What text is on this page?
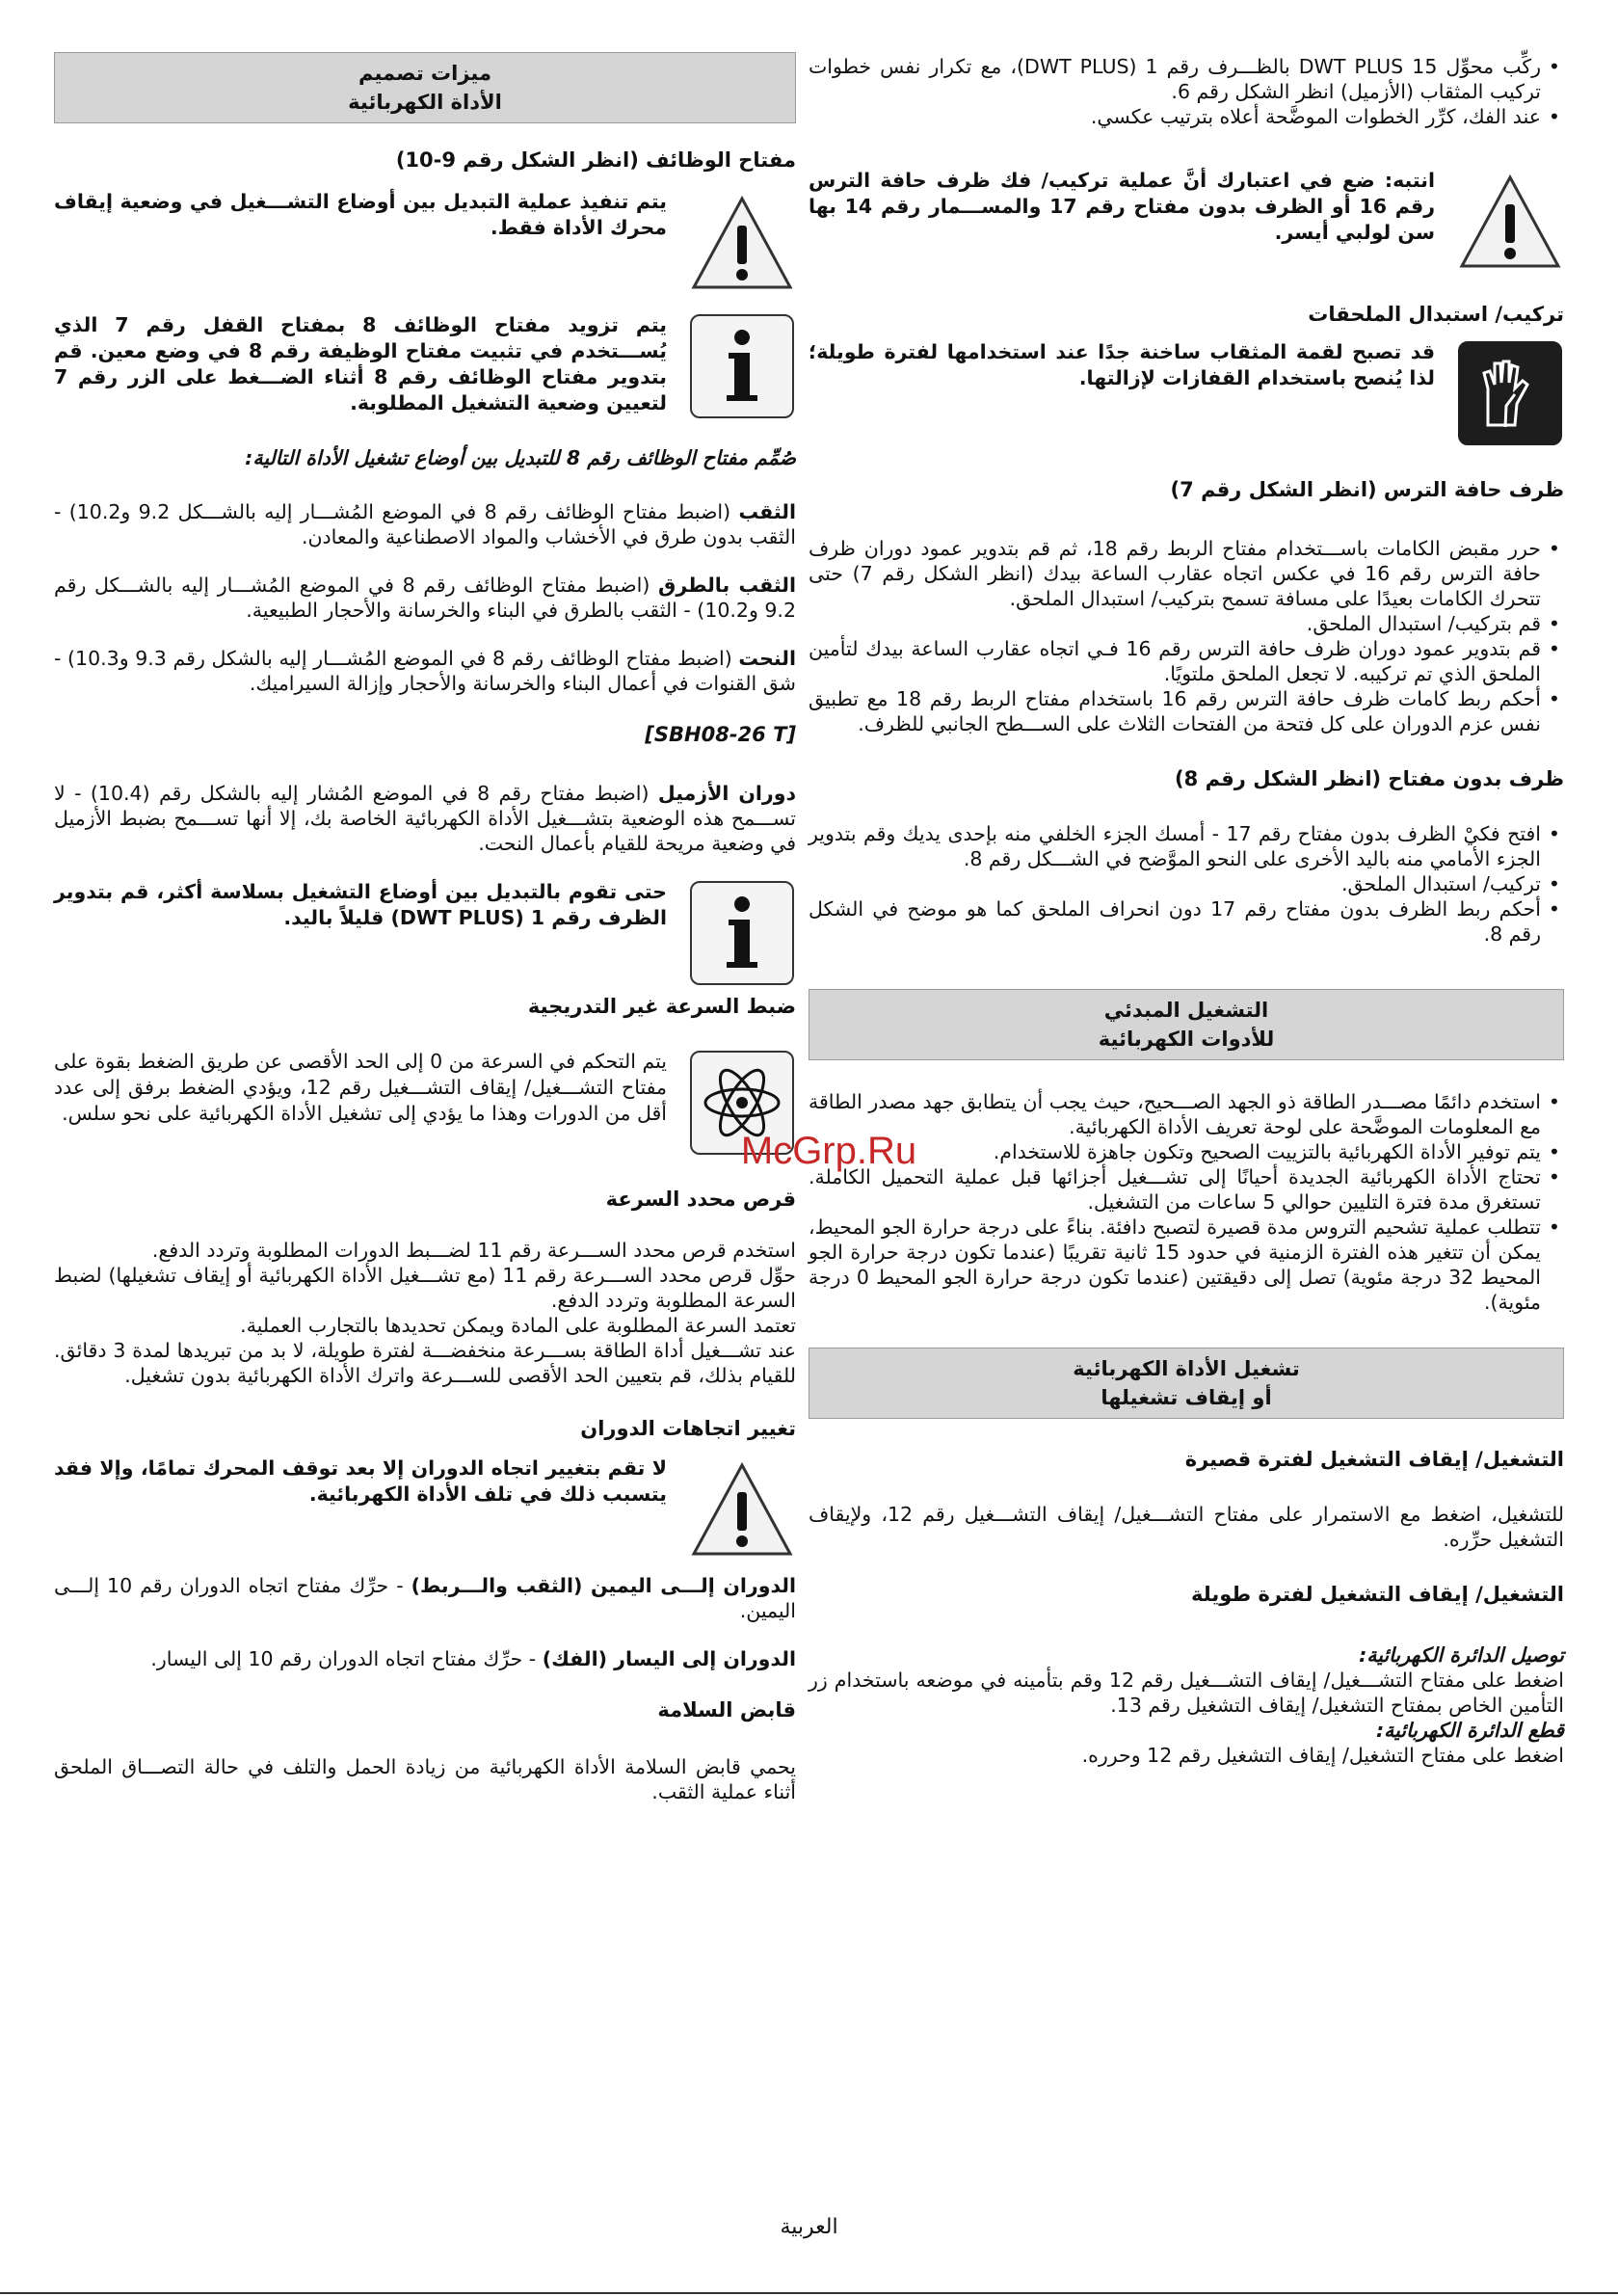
• ركِّب محوِّل DWT PLUS 15 بالظـــرف رقم 1 (DWT PLUS)، مع تكرار نفس خطوات تركيب المثقاب (الأزميل) انظر الشكل رقم 6.

• عند الفك، كرِّر الخطوات الموضَّحة أعلاه بترتيب عكسي.

انتبه: ضع في اعتبارك أنَّ عملية تركيب/ فك ظرف حافة الترس رقم 16 أو الظرف بدون مفتاح رقم 17 والمســـمار رقم 14 بها سن لولبي أيسر.

تركيب/ استبدال الملحقات

قد تصبح لقمة المثقاب ساخنة جدًا عند استخدامها لفترة طويلة؛ لذا يُنصح باستخدام القفازات لإزالتها.

ظرف حافة الترس (انظر الشكل رقم 7)

• حرر مقبض الكامات باســـتخدام مفتاح الربط رقم 18، ثم قم بتدوير عمود دوران ظرف حافة الترس رقم 16 في عكس اتجاه عقارب الساعة بيدك (انظر الشكل رقم 7) حتى تتحرك الكامات بعيدًا على مسافة تسمح بتركيب/ استبدال الملحق.

• قم بتركيب/ استبدال الملحق.

• قم بتدوير عمود دوران ظرف حافة الترس رقم 16 فـي اتجاه عقارب الساعة بيدك لتأمين الملحق الذي تم تركيبه. لا تجعل الملحق ملتويًا.

• أحكم ربط كامات ظرف حافة الترس رقم 16 باستخدام مفتاح الربط رقم 18 مع تطبيق نفس عزم الدوران على كل فتحة من الفتحات الثلاث على الســـطح الجانبي للظرف.

ظرف بدون مفتاح (انظر الشكل رقم 8)

• افتح فكيْ الظرف بدون مفتاح رقم 17 - أمسك الجزء الخلفي منه بإحدى يديك وقم بتدوير الجزء الأمامي منه باليد الأخرى على النحو الموَّضح في الشـــكل رقم 8.

• تركيب/ استبدال الملحق.

• أحكم ربط الظرف بدون مفتاح رقم 17 دون انحراف الملحق كما هو موضح في الشكل رقم 8.

التشغيل المبدئي
للأدوات الكهربائية

• استخدم دائمًا مصـــدر الطاقة ذو الجهد الصـــحيح، حيث يجب أن يتطابق جهد مصدر الطاقة مع المعلومات الموضَّحة على لوحة تعريف الأداة الكهربائية.

• يتم توفير الأداة الكهربائية بالتزييت الصحيح وتكون جاهزة للاستخدام.

• تحتاج الأداة الكهربائية الجديدة أحيانًا إلى تشـــغيل أجزائها قبل عملية التحميل الكاملة. تستغرق مدة فترة التليين حوالي 5 ساعات من التشغيل.

• تتطلب عملية تشحيم التروس مدة قصيرة لتصبح دافئة. بناءً على درجة حرارة الجو المحيط، يمكن أن تتغير هذه الفترة الزمنية في حدود 15 ثانية تقريبًا (عندما تكون درجة حرارة الجو المحيط 32 درجة مئوية) تصل إلى دقيقتين (عندما تكون درجة حرارة الجو المحيط 0 درجة مئوية).

تشغيل الأداة الكهربائية
أو إيقاف تشغيلها

التشغيل/ إيقاف التشغيل لفترة قصيرة

للتشغيل، اضغط مع الاستمرار على مفتاح التشـــغيل/ إيقاف التشـــغيل رقم 12، ولإيقاف التشغيل حرِّره.

التشغيل/ إيقاف التشغيل لفترة طويلة

توصيل الدائرة الكهربائية:

اضغط على مفتاح التشـــغيل/ إيقاف التشـــغيل رقم 12 وقم بتأمينه في موضعه باستخدام زر التأمين الخاص بمفتاح التشغيل/ إيقاف التشغيل رقم 13.

قطع الدائرة الكهربائية:

اضغط على مفتاح التشغيل/ إيقاف التشغيل رقم 12 وحرره.

ميزات تصميم
الأداة الكهربائية

مفتاح الوظائف (انظر الشكل رقم 9-10)

يتم تنفيذ عملية التبديل بين أوضاع التشـــغيل في وضعية إيقاف محرك الأداة فقط.
يتم تزويد مفتاح الوظائف 8 بمفتاح القفل رقم 7 الذي يُســـتخدم في تثبيت مفتاح الوظيفة رقم 8 في وضع معين. قم بتدوير مفتاح الوظائف رقم 8 أثناء الضـــغط على الزر رقم 7 لتعيين وضعية التشغيل المطلوبة.

صُمِّم مفتاح الوظائف رقم 8 للتبديل بين أوضاع تشغيل الأداة التالية:

الثقب (اضبط مفتاح الوظائف رقم 8 في الموضع المُشـــار إليه بالشـــكل 9.2 و10.2) - الثقب بدون طرق في الأخشاب والمواد الاصطناعية والمعادن.

الثقب بالطرق (اضبط مفتاح الوظائف رقم 8 في الموضع المُشـــار إليه بالشـــكل رقم 9.2 و10.2) - الثقب بالطرق في البناء والخرسانة والأحجار الطبيعية.

النحت (اضبط مفتاح الوظائف رقم 8 في الموضع المُشـــار إليه بالشكل رقم 9.3 و10.3) - شق القنوات في أعمال البناء والخرسانة والأحجار وإزالة السيراميك.

[SBH08-26 T]

دوران الأزميل (اضبط مفتاح رقم 8 في الموضع المُشار إليه بالشكل رقم (10.4) - لا تســـمح هذه الوضعية بتشـــغيل الأداة الكهربائية الخاصة بك، إلا أنها تســـمح بضبط الأزميل في وضعية مريحة للقيام بأعمال النحت.

حتى تقوم بالتبديل بين أوضاع التشغيل بسلاسة أكثر، قم بتدوير الظرف رقم 1 (DWT PLUS) قليلاً باليد.

ضبط السرعة غير التدريجية

يتم التحكم في السرعة من 0 إلى الحد الأقصى عن طريق الضغط بقوة على مفتاح التشـــغيل/ إيقاف التشـــغيل رقم 12، ويؤدي الضغط برفق إلى عدد أقل من الدورات وهذا ما يؤدي إلى تشغيل الأداة الكهربائية على نحو سلس.

قرص محدد السرعة

استخدم قرص محدد الســـرعة رقم 11 لضـــبط الدورات المطلوبة وتردد الدفع.

حوِّل قرص محدد الســـرعة رقم 11 (مع تشـــغيل الأداة الكهربائية أو إيقاف تشغيلها) لضبط السرعة المطلوبة وتردد الدفع.

تعتمد السرعة المطلوبة على المادة ويمكن تحديدها بالتجارب العملية.

عند تشـــغيل أداة الطاقة بســـرعة منخفضـــة لفترة طويلة، لا بد من تبريدها لمدة 3 دقائق. للقيام بذلك، قم بتعيين الحد الأقصى للســـرعة واترك الأداة الكهربائية بدون تشغيل.

تغيير اتجاهات الدوران

لا تقم بتغيير اتجاه الدوران إلا بعد توقف المحرك تمامًا، وإلا فقد يتسبب ذلك في تلف الأداة الكهربائية.

الدوران إلـــى اليمين (الثقب والـــربط) - حرِّك مفتاح اتجاه الدوران رقم 10 إلـــى اليمين.

الدوران إلى اليسار (الفك) - حرِّك مفتاح اتجاه الدوران رقم 10 إلى اليسار.

قابض السلامة

يحمي قابض السلامة الأداة الكهربائية من زيادة الحمل والتلف في حالة التصـــاق الملحق أثناء عملية الثقب.

McGrp.Ru
العربية
